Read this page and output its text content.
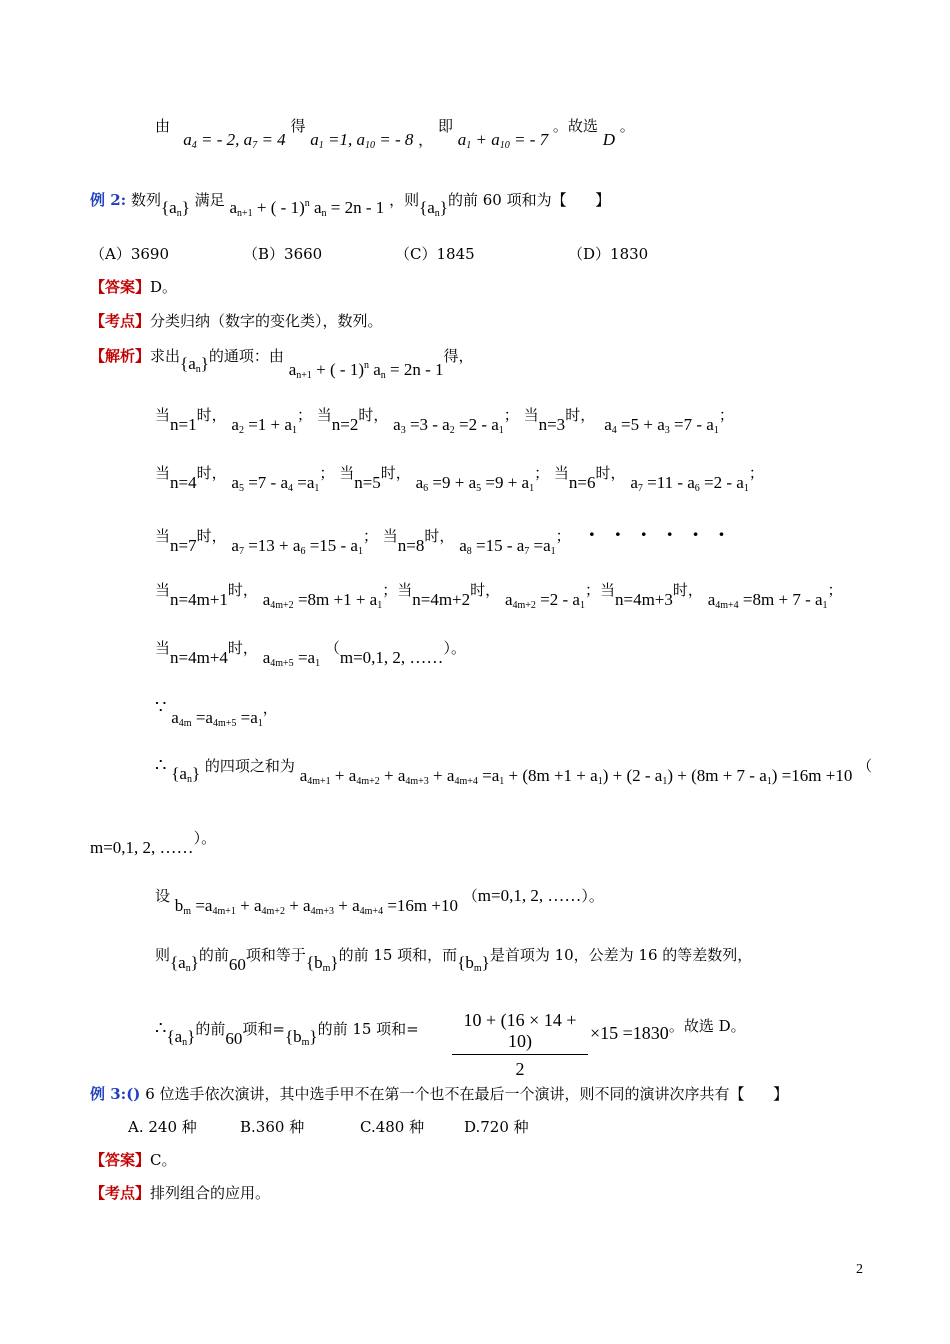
由   $a_4$ = - 2, $a_7 = 4$ 得 $a_1 =1$, $a_{10}$ = - 8 ， 即 $a_1 + a_{10}$ = - 7 。故选 D 。
例 2: 数列$\{a_n\}$ 满足 $a_{n+1}$ + ( - 1)$^n$ $a_n = 2n - 1$ ，则$\{a_n\}$的前 60 项和为【 】
（A）3690	（B）3660	（C）1845	（D）1830
【答案】D。
【考点】分类归纳（数字的变化类），数列。
【解析】求出$\{a_n\}$的通项：由 $a_{n+1}$ + ( - 1)$^n$ $a_n = 2n - 1$得，
当n=1时， $a_2 =1 + a_1$； 当n=2时， $a_3 =3 - a_2 =2 - a_1$； 当n=3时，  $a_4 =5 + a_3 =7 - a_1$；
当n=4时， $a_5 =7 - a_4 =a_1$； 当n=5时， $a_6 =9 + a_5 =9 + a_1$； 当n=6时， $a_7 =11 - a_6 =2 - a_1$；
当n=7时， $a_7 =13 + a_6 =15 - a_1$； 当n=8时， $a_8 =15 - a_7 =a_1$；  · · · · · ·
当n=4m+1时， $a_{4m+2} =8m +1 + a_1$；当n=4m+2时， $a_{4m+2} =2 - a_1$；当n=4m+3时， $a_{4m+4} =8m + 7 - a_1$；
当n=4m+4时， $a_{4m+5} =a_1$ （m=0,1, 2, ……）。
∵ $a_{4m} =a_{4m+5} =a_1$，
∴ $\{a_n\}$ 的四项之和为 $a_{4m+1} + a_{4m+2} + a_{4m+3} + a_{4m+4} =a_1 + (8m +1 + a_1) + (2 - a_1) + (8m + 7 - a_1) =16m +10$ （
m=0,1, 2, ……）。
设 $b_m =a_{4m+1} + a_{4m+2} + a_{4m+3} + a_{4m+4} =16m +10$ （m=0,1, 2, ……）。
则$\{a_n\}$的前60项和等于$\{b_m\}$的前 15 项和，而$\{b_m\}$是首项为 10，公差为 16 的等差数列，
$\therefore\{a_n\}$的前60项和$=\{b_m\}$的前 15 项和=	10 + (16 × 14 + 10)
2
×15 =1830。故选 D。
例 3:() 6 位选手依次演讲，其中选手甲不在第一个也不在最后一个演讲，则不同的演讲次序共有【 】
A. 240 种	B.360 种	C.480 种	D.720 种
【答案】C。
【考点】排列组合的应用。
2
